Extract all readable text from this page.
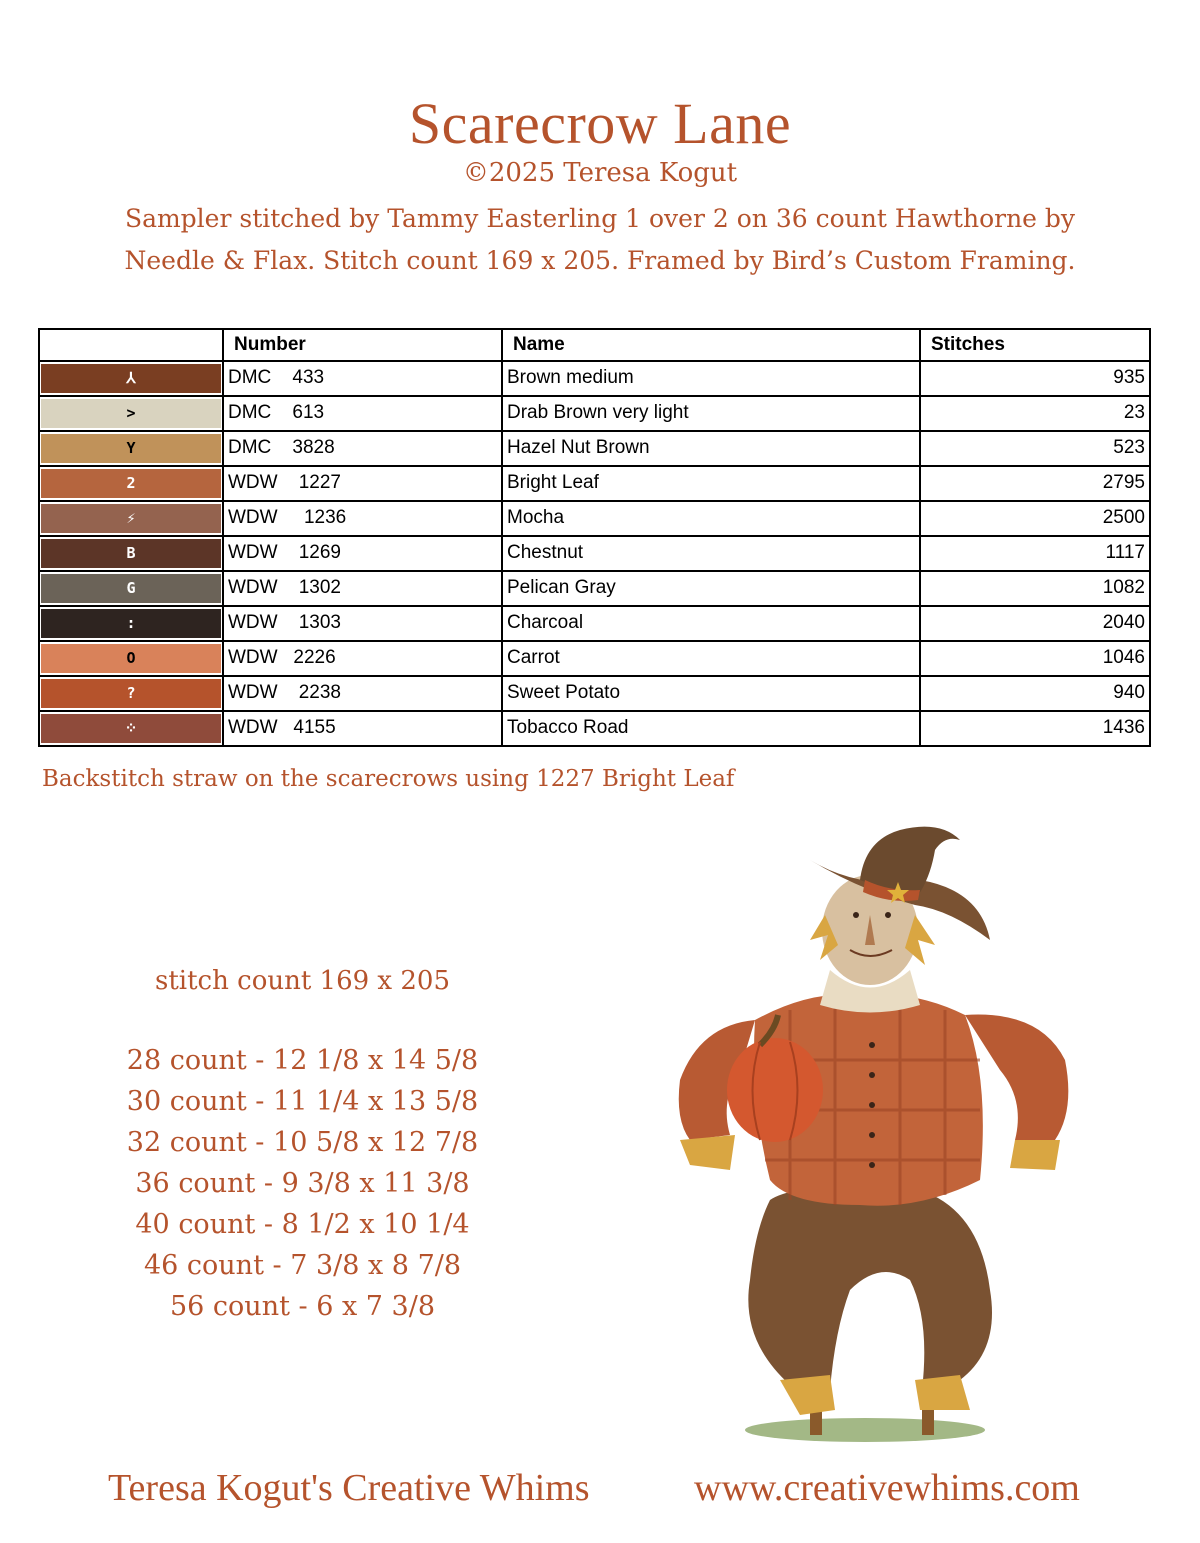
Scarecrow Lane
©2025 Teresa Kogut
Sampler stitched by Tammy Easterling 1 over 2 on 36 count Hawthorne by
Needle & Flax. Stitch count 169 x 205. Framed by Bird’s Custom Framing.
	Number	Name	Stitches

⅄	DMC    433	Brown medium	935

>	DMC    613	Drab Brown very light	23

Y	DMC    3828	Hazel Nut Brown	523

2	WDW    1227	Bright Leaf	2795

⚡	WDW     1236	Mocha	2500

B	WDW    1269	Chestnut	1117

G	WDW    1302	Pelican Gray	1082

:	WDW    1303	Charcoal	2040

O	WDW   2226	Carrot	1046

?	WDW    2238	Sweet Potato	940

⁘	WDW   4155	Tobacco Road	1436
Backstitch straw on the scarecrows using 1227 Bright Leaf
stitch count 169 x 205
28 count - 12 1/8 x 14 5/8
30 count - 11 1/4 x 13 5/8
32 count - 10 5/8 x 12 7/8
36 count - 9 3/8 x 11 3/8
40 count - 8 1/2 x 10 1/4
46 count - 7 3/8 x 8 7/8
56 count - 6 x 7 3/8
Teresa Kogut's Creative Whims	www.creativewhims.com
